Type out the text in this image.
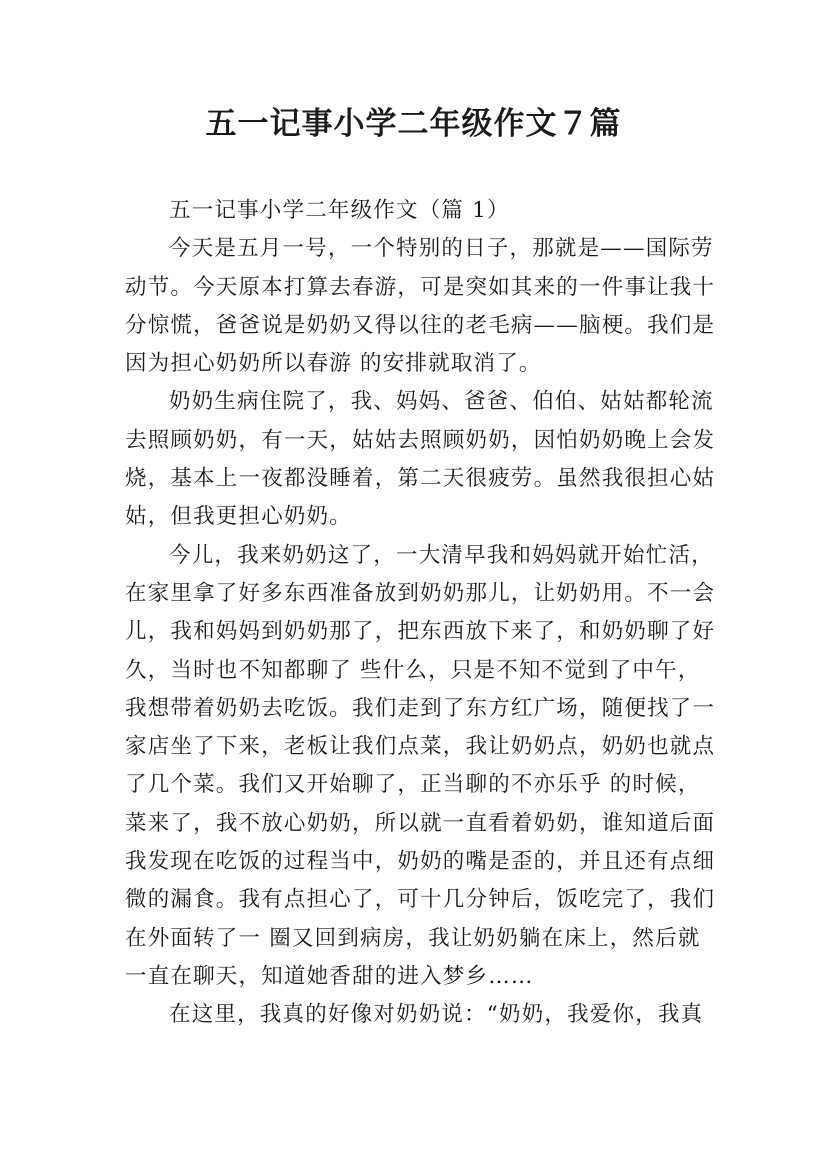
五一记事小学二年级作文７篇
五一记事小学二年级作文（篇 1）
今天是五月一号，一个特别的日子，那就是——国际劳
动节。今天原本打算去春游，可是突如其来的一件事让我十
分惊慌，爸爸说是奶奶又得以往的老毛病——脑梗。我们是
因为担心奶奶所以春游 的安排就取消了。
奶奶生病住院了，我、妈妈、爸爸、伯伯、姑姑都轮流
去照顾奶奶，有一天，姑姑去照顾奶奶，因怕奶奶晚上会发
烧，基本上一夜都没睡着，第二天很疲劳。虽然我很担心姑
姑，但我更担心奶奶。
今儿，我来奶奶这了，一大清早我和妈妈就开始忙活，
在家里拿了好多东西准备放到奶奶那儿，让奶奶用。不一会
儿，我和妈妈到奶奶那了，把东西放下来了，和奶奶聊了好
久，当时也不知都聊了 些什么，只是不知不觉到了中午，
我想带着奶奶去吃饭。我们走到了东方红广场，随便找了一
家店坐了下来，老板让我们点菜，我让奶奶点，奶奶也就点
了几个菜。我们又开始聊了，正当聊的不亦乐乎 的时候，
菜来了，我不放心奶奶，所以就一直看着奶奶，谁知道后面
我发现在吃饭的过程当中，奶奶的嘴是歪的，并且还有点细
微的漏食。我有点担心了，可十几分钟后，饭吃完了，我们
在外面转了一 圈又回到病房，我让奶奶躺在床上，然后就
一直在聊天，知道她香甜的进入梦乡……
在这里，我真的好像对奶奶说：“奶奶，我爱你，我真
